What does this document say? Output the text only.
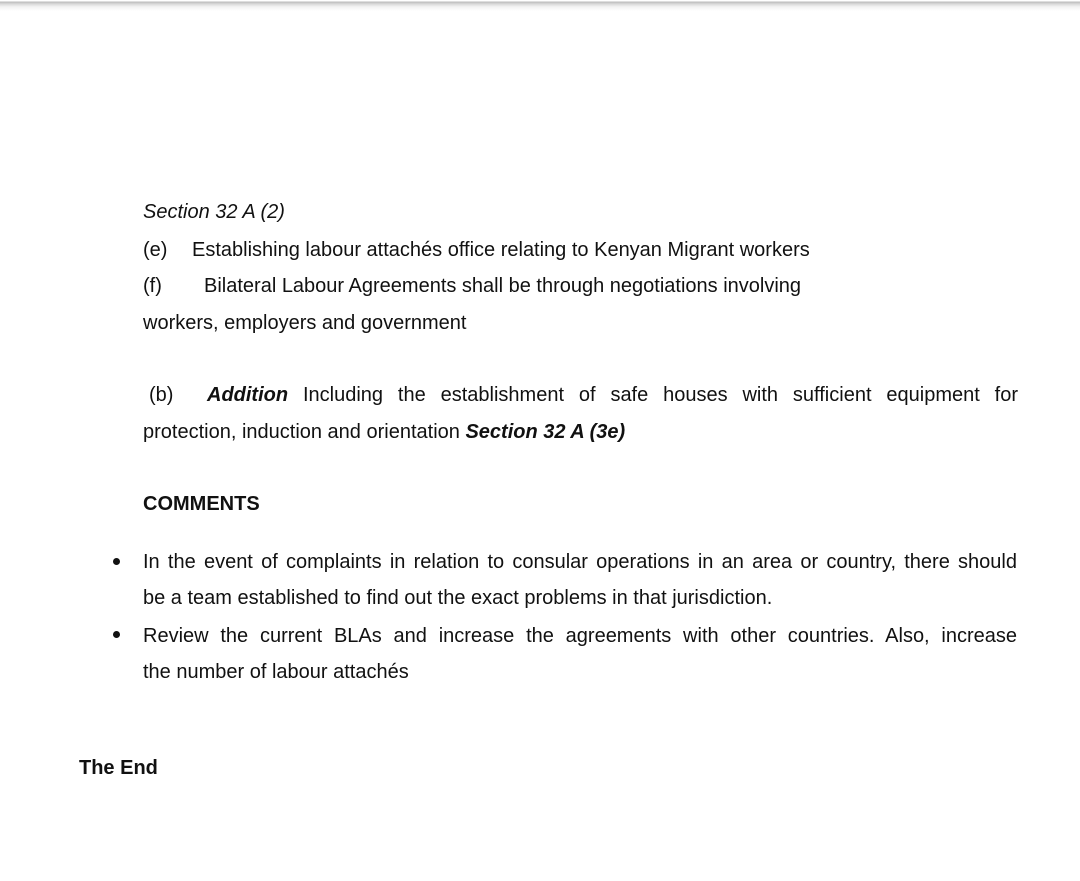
Section 32 A (2)
(e) Establishing labour attachés office relating to Kenyan Migrant workers
(f) Bilateral Labour Agreements shall be through negotiations involving
workers, employers and government
(b) Addition Including the establishment of safe houses with sufficient equipment for
protection, induction and orientation Section 32 A (3e)
COMMENTS
In the event of complaints in relation to consular operations in an area or country, there should
be a team established to find out the exact problems in that jurisdiction.
Review the current BLAs and increase the agreements with other countries. Also, increase
the number of labour attachés
The End
